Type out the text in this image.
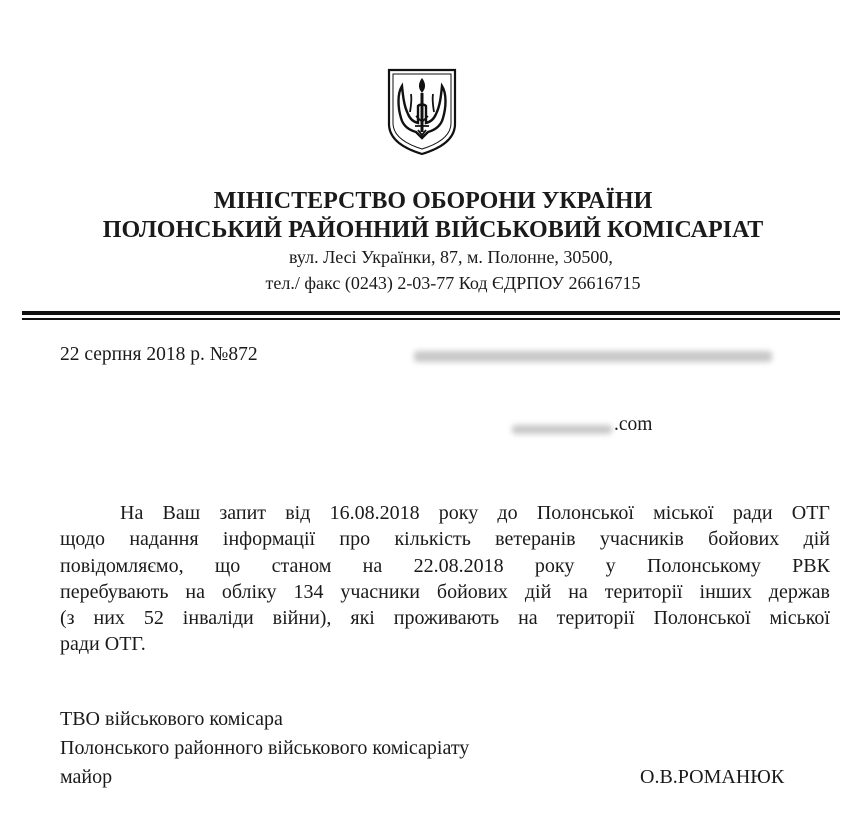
МІНІСТЕРСТВО ОБОРОНИ УКРАЇНИ
ПОЛОНСЬКИЙ РАЙОННИЙ ВІЙСЬКОВИЙ КОМІСАРІАТ
вул. Лесі Українки, 87, м. Полонне, 30500,
тел./ факс (0243) 2-03-77 Код ЄДРПОУ 26616715
22 серпня 2018 р. №872
.com
На Ваш запит від 16.08.2018 року до Полонської міської ради ОТГ
щодо надання інформації про кількість ветеранів учасників бойових дій
повідомляємо, що станом на 22.08.2018 року у Полонському РВК
перебувають на обліку 134 учасники бойових дій на території інших держав
(з них 52 інваліди війни), які проживають на території Полонської міської
ради ОТГ.
ТВО військового комісара
Полонського районного військового комісаріату
майор	О.В.РОМАНЮК
